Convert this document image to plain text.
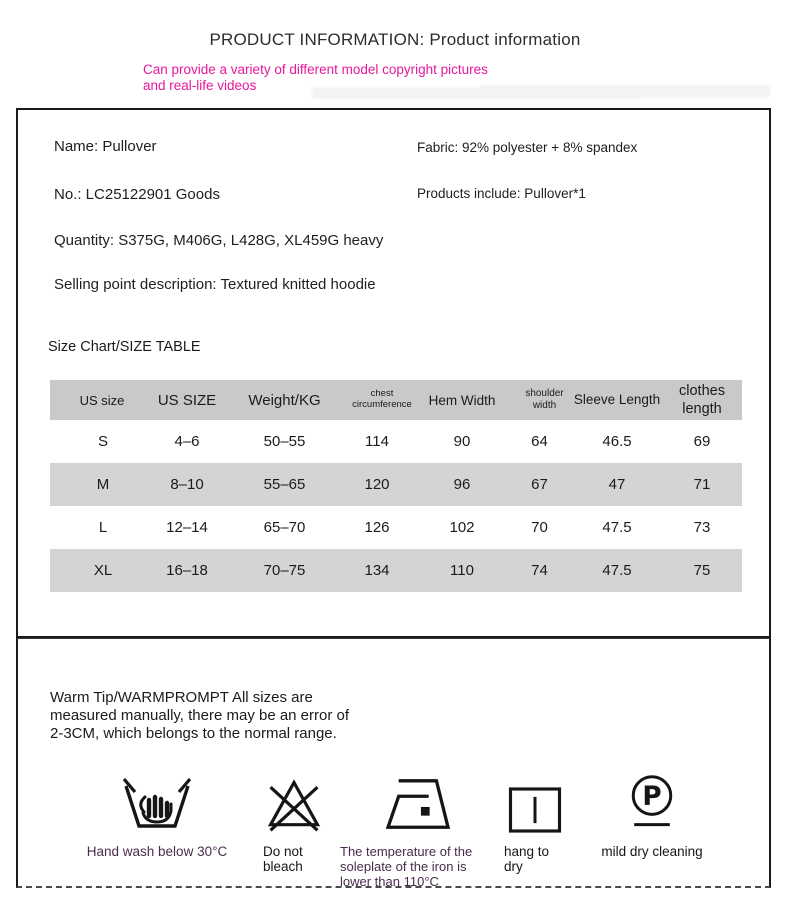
PRODUCT INFORMATION: Product information
Can provide a variety of different model copyright pictures
and real-life videos
Name: Pullover	Fabric: 92% polyester + 8% spandex
No.: LC25122901 Goods	Products include: Pullover*1
Quantity: S375G, M406G, L428G, XL459G heavy
Selling point description: Textured knitted hoodie
Size Chart/SIZE TABLE
US size	US SIZE	Weight/KG	chest circumference	Hem Width	shoulder width	Sleeve Length	clothes length
S	4–6	50–55	114	90	64	46.5	69
M	8–10	55–65	120	96	67	47	71
L	12–14	65–70	126	102	70	47.5	73
XL	16–18	70–75	134	110	74	47.5	75
Warm Tip/WARMPROMPT All sizes are
measured manually, there may be an error of
2-3CM, which belongs to the normal range.
Hand wash below 30°C	Do not bleach
The temperature of the soleplate of the iron is lower than 110°C
hang to dry
P
mild dry cleaning
